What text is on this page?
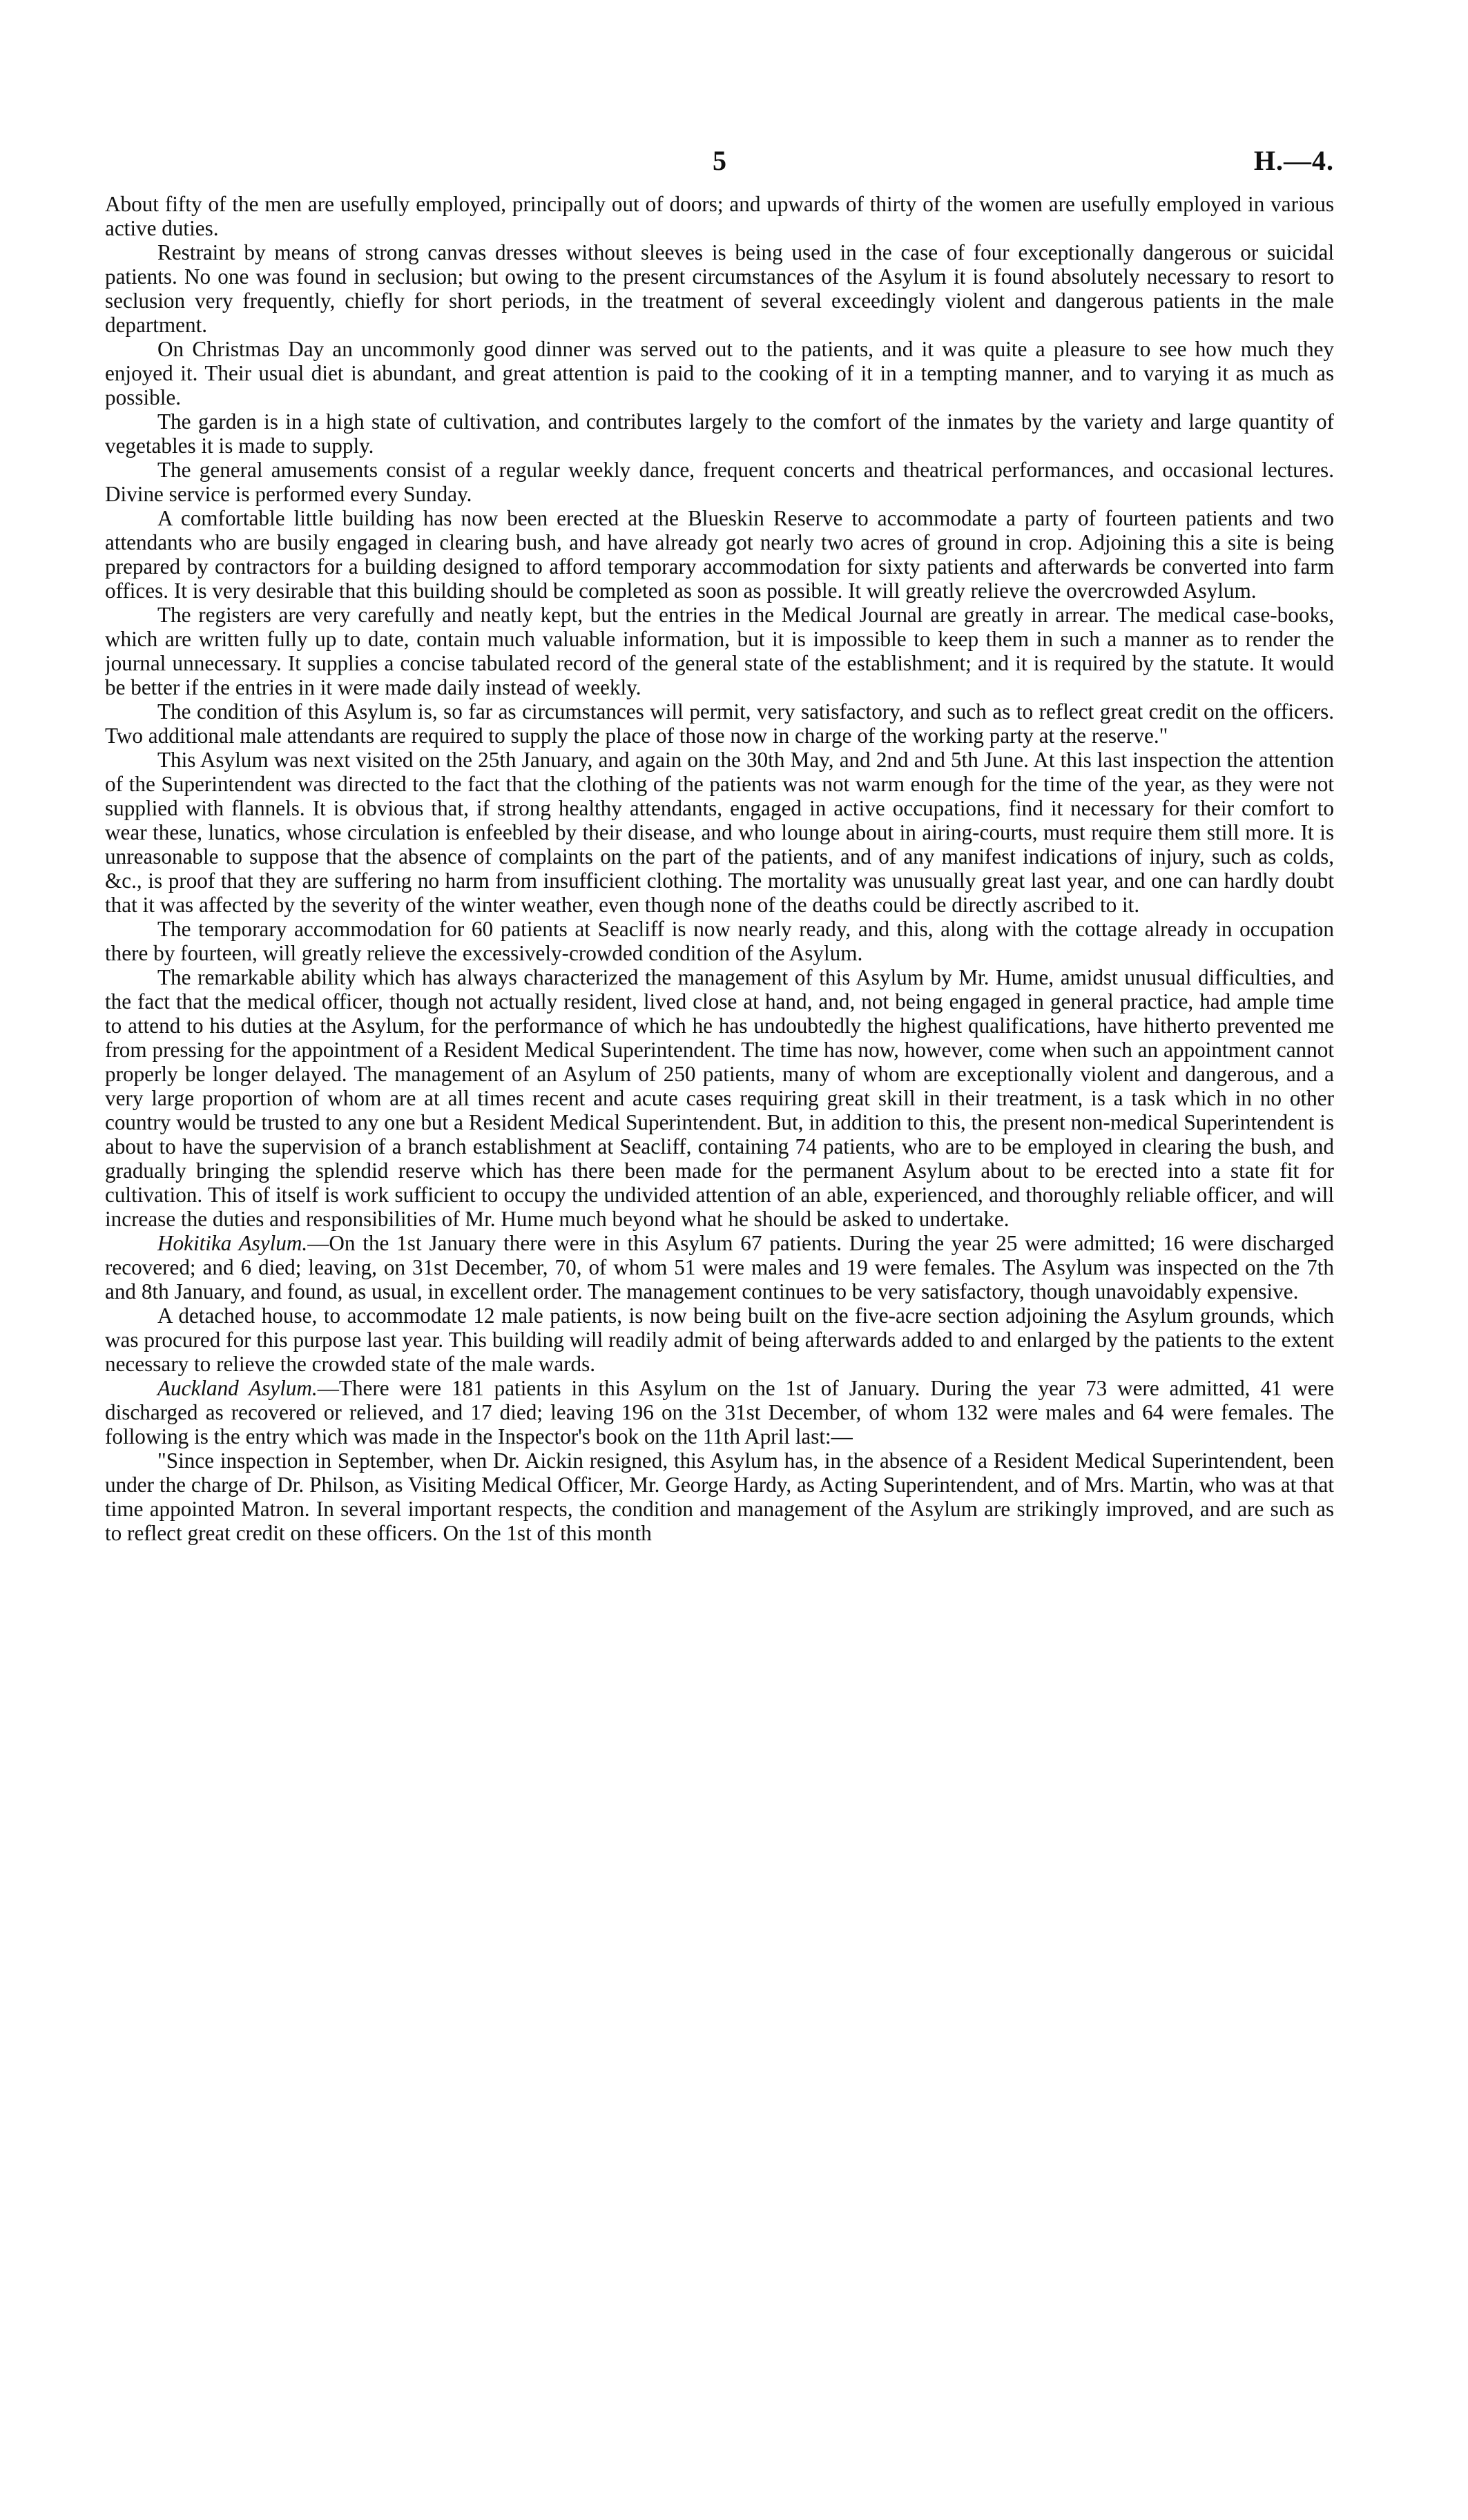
5	H.—4.

About fifty of the men are usefully employed, principally out of doors; and upwards of thirty of the women are usefully employed in various active duties.

Restraint by means of strong canvas dresses without sleeves is being used in the case of four exceptionally dangerous or suicidal patients. No one was found in seclusion; but owing to the present circumstances of the Asylum it is found absolutely necessary to resort to seclusion very frequently, chiefly for short periods, in the treatment of several exceedingly violent and dangerous patients in the male department.

On Christmas Day an uncommonly good dinner was served out to the patients, and it was quite a pleasure to see how much they enjoyed it. Their usual diet is abundant, and great attention is paid to the cooking of it in a tempting manner, and to varying it as much as possible.

The garden is in a high state of cultivation, and contributes largely to the comfort of the inmates by the variety and large quantity of vegetables it is made to supply.

The general amusements consist of a regular weekly dance, frequent concerts and theatrical performances, and occasional lectures. Divine service is performed every Sunday.

A comfortable little building has now been erected at the Blueskin Reserve to accommodate a party of fourteen patients and two attendants who are busily engaged in clearing bush, and have already got nearly two acres of ground in crop. Adjoining this a site is being prepared by contractors for a building designed to afford temporary accommodation for sixty patients and afterwards be converted into farm offices. It is very desirable that this building should be completed as soon as possible. It will greatly relieve the overcrowded Asylum.

The registers are very carefully and neatly kept, but the entries in the Medical Journal are greatly in arrear. The medical case-books, which are written fully up to date, contain much valuable information, but it is impossible to keep them in such a manner as to render the journal unnecessary. It supplies a concise tabulated record of the general state of the establishment; and it is required by the statute. It would be better if the entries in it were made daily instead of weekly.

The condition of this Asylum is, so far as circumstances will permit, very satisfactory, and such as to reflect great credit on the officers. Two additional male attendants are required to supply the place of those now in charge of the working party at the reserve."

This Asylum was next visited on the 25th January, and again on the 30th May, and 2nd and 5th June. At this last inspection the attention of the Superintendent was directed to the fact that the clothing of the patients was not warm enough for the time of the year, as they were not supplied with flannels. It is obvious that, if strong healthy attendants, engaged in active occupations, find it necessary for their comfort to wear these, lunatics, whose circulation is enfeebled by their disease, and who lounge about in airing-courts, must require them still more. It is unreasonable to suppose that the absence of complaints on the part of the patients, and of any manifest indications of injury, such as colds, &c., is proof that they are suffering no harm from insufficient clothing. The mortality was unusually great last year, and one can hardly doubt that it was affected by the severity of the winter weather, even though none of the deaths could be directly ascribed to it.

The temporary accommodation for 60 patients at Seacliff is now nearly ready, and this, along with the cottage already in occupation there by fourteen, will greatly relieve the excessively-crowded condition of the Asylum.

The remarkable ability which has always characterized the management of this Asylum by Mr. Hume, amidst unusual difficulties, and the fact that the medical officer, though not actually resident, lived close at hand, and, not being engaged in general practice, had ample time to attend to his duties at the Asylum, for the performance of which he has undoubtedly the highest qualifications, have hitherto prevented me from pressing for the appointment of a Resident Medical Superintendent. The time has now, however, come when such an appointment cannot properly be longer delayed. The management of an Asylum of 250 patients, many of whom are exceptionally violent and dangerous, and a very large proportion of whom are at all times recent and acute cases requiring great skill in their treatment, is a task which in no other country would be trusted to any one but a Resident Medical Superintendent. But, in addition to this, the present non-medical Superintendent is about to have the supervision of a branch establishment at Seacliff, containing 74 patients, who are to be employed in clearing the bush, and gradually bringing the splendid reserve which has there been made for the permanent Asylum about to be erected into a state fit for cultivation. This of itself is work sufficient to occupy the undivided attention of an able, experienced, and thoroughly reliable officer, and will increase the duties and responsibilities of Mr. Hume much beyond what he should be asked to undertake.

Hokitika Asylum.—On the 1st January there were in this Asylum 67 patients. During the year 25 were admitted; 16 were discharged recovered; and 6 died; leaving, on 31st December, 70, of whom 51 were males and 19 were females. The Asylum was inspected on the 7th and 8th January, and found, as usual, in excellent order. The management continues to be very satisfactory, though unavoidably expensive.

A detached house, to accommodate 12 male patients, is now being built on the five-acre section adjoining the Asylum grounds, which was procured for this purpose last year. This building will readily admit of being afterwards added to and enlarged by the patients to the extent necessary to relieve the crowded state of the male wards.

Auckland Asylum.—There were 181 patients in this Asylum on the 1st of January. During the year 73 were admitted, 41 were discharged as recovered or relieved, and 17 died; leaving 196 on the 31st December, of whom 132 were males and 64 were females. The following is the entry which was made in the Inspector's book on the 11th April last:—

"Since inspection in September, when Dr. Aickin resigned, this Asylum has, in the absence of a Resident Medical Superintendent, been under the charge of Dr. Philson, as Visiting Medical Officer, Mr. George Hardy, as Acting Superintendent, and of Mrs. Martin, who was at that time appointed Matron. In several important respects, the condition and management of the Asylum are strikingly improved, and are such as to reflect great credit on these officers. On the 1st of this month
